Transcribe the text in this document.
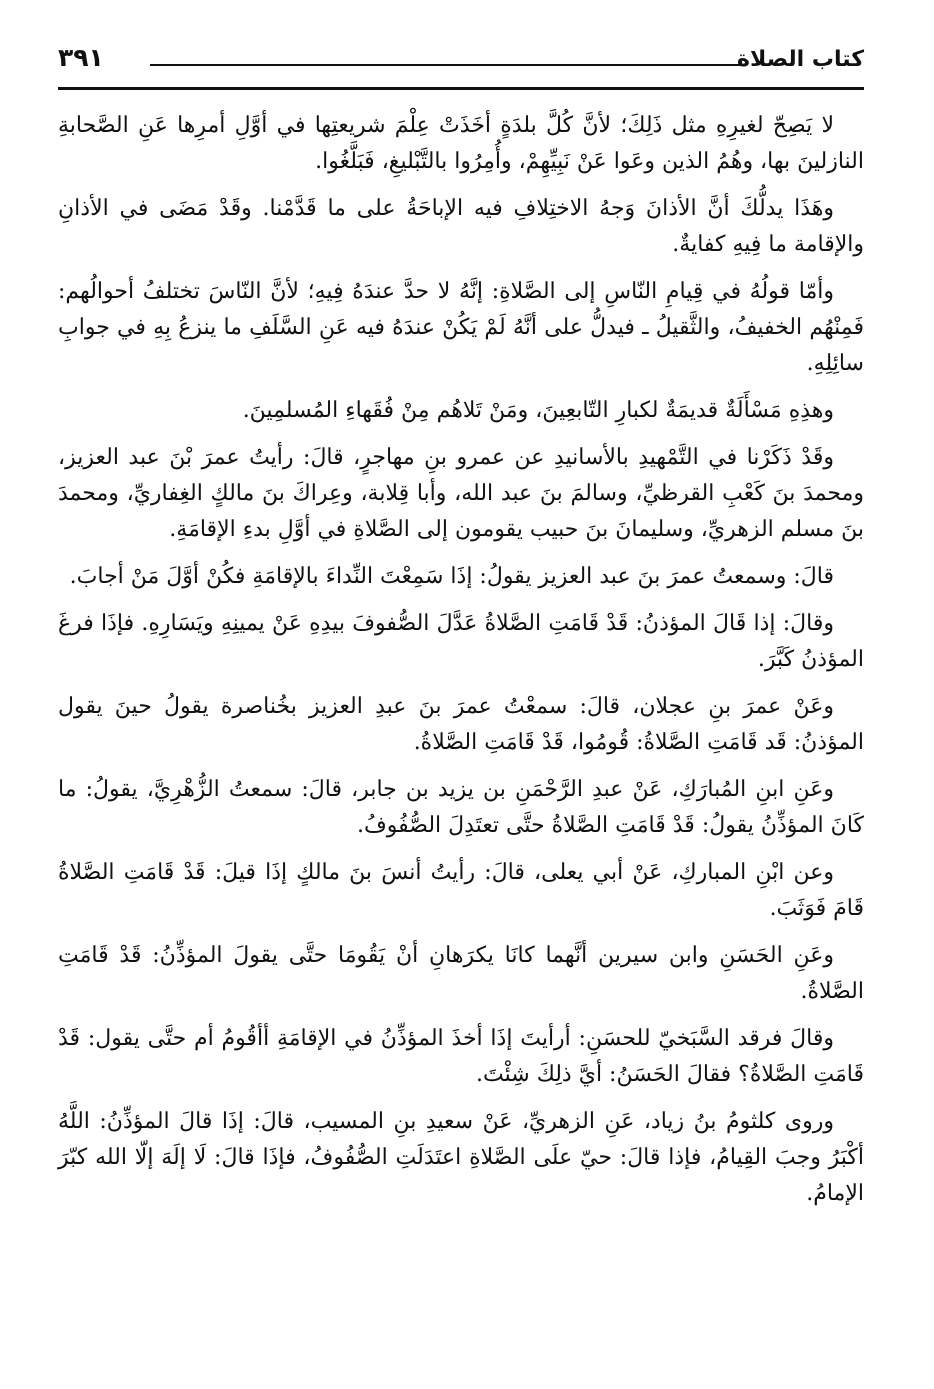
كتاب الصلاة
٣٩١

لا يَصِحّ لغيرِهِ مثل ذَلِكَ؛ لأنَّ كُلَّ بلدَةٍ أخَذَتْ عِلْمَ شريعتِها في أوَّلِ أمرِها عَنِ الصَّحابةِ النازلينَ بها، وهُمُ الذين وعَوا عَنْ نَبِيِّهِمْ، وأُمِرُوا بالتَّبْليغِ، فَبَلَّغُوا.

وهَذَا يدلُّكَ أنَّ الأذانَ وَجهُ الاختِلافِ فيه الإباحَةُ على ما قَدَّمْنا. وقَدْ مَضَى في الأذانِ والإقامة ما فِيهِ كفايةٌ.

وأمّا قولُهُ في قِيامِ النّاسِ إلى الصَّلاةِ: إنَّهُ لا حدَّ عندَهُ فِيهِ؛ لأنَّ النّاسَ تختلفُ أحوالُهم: فَمِنْهُم الخفيفُ، والثَّقيلُ ـ فيدلُّ على أنَّهُ لَمْ يَكُنْ عندَهُ فيه عَنِ السَّلَفِ ما ينزعُ بِهِ في جوابِ سائِلِهِ.

وهذِهِ مَسْأَلَةٌ قديمَةٌ لكبارِ التّابعِينَ، ومَنْ تَلاهُم مِنْ فُقَهاءِ المُسلمِينَ.

وقَدْ ذَكَرْنا في التَّمْهيدِ بالأسانيدِ عن عمرو بنِ مهاجرٍ، قالَ: رأيتُ عمرَ بْنَ عبد العزيز، ومحمدَ بنَ كَعْبِ القرظيِّ، وسالمَ بنَ عبد الله، وأبا قِلابة، وعِراكَ بنَ مالكٍ الغِفاريِّ، ومحمدَ بنَ مسلم الزهريِّ، وسليمانَ بنَ حبيب يقومون إلى الصَّلاةِ في أوَّلِ بدءِ الإقامَةِ.

قالَ: وسمعتُ عمرَ بنَ عبد العزيز يقولُ: إذَا سَمِعْتَ النِّداءَ بالإقامَةِ فكُنْ أوَّلَ مَنْ أجابَ.

وقالَ: إذا قَالَ المؤذنُ: قَدْ قَامَتِ الصَّلاةُ عَدَّلَ الصُّفوفَ بيدِهِ عَنْ يمينِهِ ويَسَارِهِ. فإذَا فرغَ المؤذنُ كَبَّرَ.

وعَنْ عمرَ بنِ عجلان، قالَ: سمعْتُ عمرَ بنَ عبدِ العزيز بخُناصرة يقولُ حينَ يقول المؤذنُ: قَد قَامَتِ الصَّلاةُ: قُومُوا، قَدْ قَامَتِ الصَّلاةُ.

وعَنِ ابنِ المُبارَكِ، عَنْ عبدِ الرَّحْمَنِ بن يزيد بن جابر، قالَ: سمعتُ الزُّهْرِيَّ، يقولُ: ما كَانَ المؤذِّنُ يقولُ: قَدْ قَامَتِ الصَّلاةُ حتَّى تعتَدِلَ الصُّفُوفُ.

وعن ابْنِ المباركِ، عَنْ أبي يعلى، قالَ: رأيتُ أنسَ بنَ مالكٍ إذَا قيلَ: قَدْ قَامَتِ الصَّلاةُ قَامَ فَوَثَبَ.

وعَنِ الحَسَنِ وابن سيرين أنَّهما كانَا يكرَهانِ أنْ يَقُومَا حتَّى يقولَ المؤذِّنُ: قَدْ قَامَتِ الصَّلاةُ.

وقالَ فرقد السَّبَخيّ للحسَنِ: أرأيتَ إذَا أخذَ المؤذِّنُ في الإقامَةِ أأقُومُ أم حتَّى يقول: قَدْ قَامَتِ الصَّلاةُ؟ فقالَ الحَسَنُ: أيَّ ذلِكَ شِئْتَ.

وروى كلثومُ بنُ زياد، عَنِ الزهريِّ، عَنْ سعيدِ بنِ المسيب، قالَ: إذَا قالَ المؤذِّنُ: اللَّهُ أكْبَرُ وجبَ القِيامُ، فإذا قالَ: حيّ علَى الصَّلاةِ اعتَدَلَتِ الصُّفُوفُ، فإذَا قالَ: لَا إلَهَ إلّا الله كبّرَ الإمامُ.
